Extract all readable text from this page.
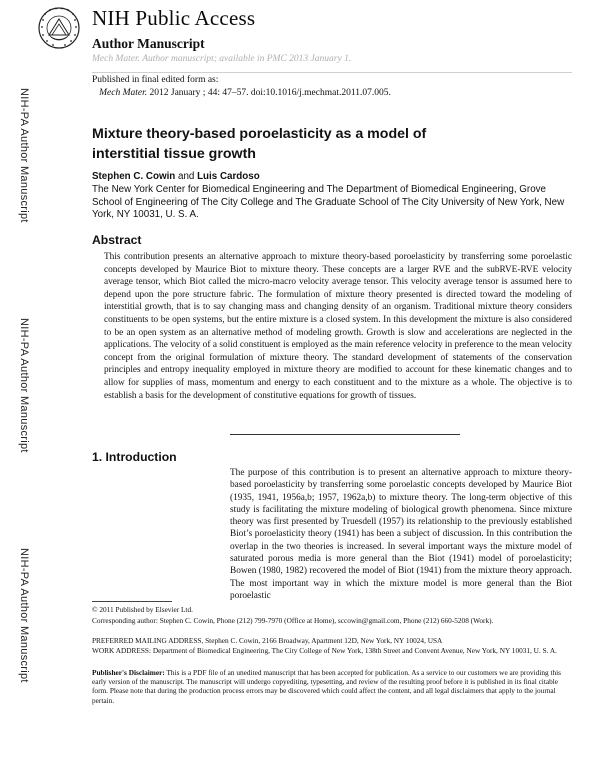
NIH Public Access
Author Manuscript
Mech Mater. Author manuscript; available in PMC 2013 January 1.
Published in final edited form as:
Mech Mater. 2012 January ; 44: 47–57. doi:10.1016/j.mechmat.2011.07.005.
NIH-PA Author Manuscript
NIH-PA Author Manuscript
NIH-PA Author Manuscript
Mixture theory-based poroelasticity as a model of interstitial tissue growth
Stephen C. Cowin and Luis Cardoso
The New York Center for Biomedical Engineering and The Department of Biomedical Engineering, Grove School of Engineering of The City College and The Graduate School of The City University of New York, New York, NY 10031, U. S. A.
Abstract
This contribution presents an alternative approach to mixture theory-based poroelasticity by transferring some poroelastic concepts developed by Maurice Biot to mixture theory. These concepts are a larger RVE and the subRVE-RVE velocity average tensor, which Biot called the micro-macro velocity average tensor. This velocity average tensor is assumed here to depend upon the pore structure fabric. The formulation of mixture theory presented is directed toward the modeling of interstitial growth, that is to say changing mass and changing density of an organism. Traditional mixture theory considers constituents to be open systems, but the entire mixture is a closed system. In this development the mixture is also considered to be an open system as an alternative method of modeling growth. Growth is slow and accelerations are neglected in the applications. The velocity of a solid constituent is employed as the main reference velocity in preference to the mean velocity concept from the original formulation of mixture theory. The standard development of statements of the conservation principles and entropy inequality employed in mixture theory are modified to account for these kinematic changes and to allow for supplies of mass, momentum and energy to each constituent and to the mixture as a whole. The objective is to establish a basis for the development of constitutive equations for growth of tissues.
1. Introduction
The purpose of this contribution is to present an alternative approach to mixture theory-based poroelasticity by transferring some poroelastic concepts developed by Maurice Biot (1935, 1941, 1956a,b; 1957, 1962a,b) to mixture theory. The long-term objective of this study is facilitating the mixture modeling of biological growth phenomena. Since mixture theory was first presented by Truesdell (1957) its relationship to the previously established Biot’s poroelasticity theory (1941) has been a subject of discussion. In this contribution the overlap in the two theories is increased. In several important ways the mixture model of saturated porous media is more general than the Biot (1941) model of poroelasticity; Bowen (1980, 1982) recovered the model of Biot (1941) from the mixture theory approach. The most important way in which the mixture model is more general than the Biot poroelastic
© 2011 Published by Elsevier Ltd.
Corresponding author: Stephen C. Cowin, Phone (212) 799-7970 (Office at Home), sccowin@gmail.com, Phone (212) 660-5208 (Work).
PREFERRED MAILING ADDRESS, Stephen C. Cowin, 2166 Broadway, Apartment 12D, New York, NY 10024, USA
WORK ADDRESS: Department of Biomedical Engineering, The City College of New York, 138th Street and Convent Avenue, New York, NY 10031, U. S. A.
Publisher's Disclaimer: This is a PDF file of an unedited manuscript that has been accepted for publication. As a service to our customers we are providing this early version of the manuscript. The manuscript will undergo copyediting, typesetting, and review of the resulting proof before it is published in its final citable form. Please note that during the production process errors may be discovered which could affect the content, and all legal disclaimers that apply to the journal pertain.
